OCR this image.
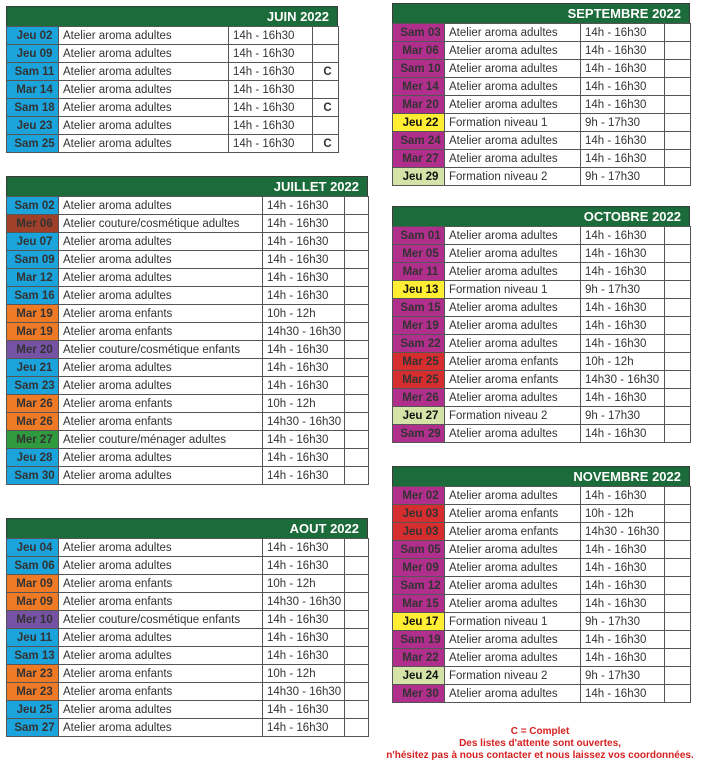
JUIN 2022
Jeu 02	Atelier aroma adultes	14h - 16h30	
Jeu 09	Atelier aroma adultes	14h - 16h30	
Sam 11	Atelier aroma adultes	14h - 16h30	C
Mar 14	Atelier aroma adultes	14h - 16h30	
Sam 18	Atelier aroma adultes	14h - 16h30	C
Jeu 23	Atelier aroma adultes	14h - 16h30	
Sam 25	Atelier aroma adultes	14h - 16h30	C
JUILLET 2022
Sam 02	Atelier aroma adultes	14h - 16h30	
Mer 06	Atelier couture/cosmétique adultes	14h - 16h30	
Jeu 07	Atelier aroma adultes	14h - 16h30	
Sam 09	Atelier aroma adultes	14h - 16h30	
Mar 12	Atelier aroma adultes	14h - 16h30	
Sam 16	Atelier aroma adultes	14h - 16h30	
Mar 19	Atelier aroma enfants	10h - 12h	
Mar 19	Atelier aroma enfants	14h30 - 16h30	
Mer 20	Atelier couture/cosmétique enfants	14h - 16h30	
Jeu 21	Atelier aroma adultes	14h - 16h30	
Sam 23	Atelier aroma adultes	14h - 16h30	
Mar 26	Atelier aroma enfants	10h - 12h	
Mar 26	Atelier aroma enfants	14h30 - 16h30	
Mer 27	Atelier couture/ménager adultes	14h - 16h30	
Jeu 28	Atelier aroma adultes	14h - 16h30	
Sam 30	Atelier aroma adultes	14h - 16h30	
AOUT 2022
Jeu 04	Atelier aroma adultes	14h - 16h30	
Sam 06	Atelier aroma adultes	14h - 16h30	
Mar 09	Atelier aroma enfants	10h - 12h	
Mar 09	Atelier aroma enfants	14h30 - 16h30	
Mer 10	Atelier couture/cosmétique enfants	14h - 16h30	
Jeu 11	Atelier aroma adultes	14h - 16h30	
Sam 13	Atelier aroma adultes	14h - 16h30	
Mar 23	Atelier aroma enfants	10h - 12h	
Mar 23	Atelier aroma enfants	14h30 - 16h30	
Jeu 25	Atelier aroma adultes	14h - 16h30	
Sam 27	Atelier aroma adultes	14h - 16h30	
SEPTEMBRE 2022
Sam 03	Atelier aroma adultes	14h - 16h30	
Mar 06	Atelier aroma adultes	14h - 16h30	
Sam 10	Atelier aroma adultes	14h - 16h30	
Mer 14	Atelier aroma adultes	14h - 16h30	
Mar 20	Atelier aroma adultes	14h - 16h30	
Jeu 22	Formation niveau 1	9h - 17h30	
Sam 24	Atelier aroma adultes	14h - 16h30	
Mar 27	Atelier aroma adultes	14h - 16h30	
Jeu 29	Formation niveau 2	9h - 17h30	
OCTOBRE 2022
Sam 01	Atelier aroma adultes	14h - 16h30	
Mer 05	Atelier aroma adultes	14h - 16h30	
Mar 11	Atelier aroma adultes	14h - 16h30	
Jeu 13	Formation niveau 1	9h - 17h30	
Sam 15	Atelier aroma adultes	14h - 16h30	
Mer 19	Atelier aroma adultes	14h - 16h30	
Sam 22	Atelier aroma adultes	14h - 16h30	
Mar 25	Atelier aroma enfants	10h - 12h	
Mar 25	Atelier aroma enfants	14h30 - 16h30	
Mer 26	Atelier aroma adultes	14h - 16h30	
Jeu 27	Formation niveau 2	9h - 17h30	
Sam 29	Atelier aroma adultes	14h - 16h30	
NOVEMBRE 2022
Mer 02	Atelier aroma adultes	14h - 16h30	
Jeu 03	Atelier aroma enfants	10h - 12h	
Jeu 03	Atelier aroma enfants	14h30 - 16h30	
Sam 05	Atelier aroma adultes	14h - 16h30	
Mer 09	Atelier aroma adultes	14h - 16h30	
Sam 12	Atelier aroma adultes	14h - 16h30	
Mar 15	Atelier aroma adultes	14h - 16h30	
Jeu 17	Formation niveau 1	9h - 17h30	
Sam 19	Atelier aroma adultes	14h - 16h30	
Mar 22	Atelier aroma adultes	14h - 16h30	
Jeu 24	Formation niveau 2	9h - 17h30	
Mer 30	Atelier aroma adultes	14h - 16h30	
C = Complet
Des listes d'attente sont ouvertes,
n'hésitez pas à nous contacter et nous laissez vos coordonnées.
